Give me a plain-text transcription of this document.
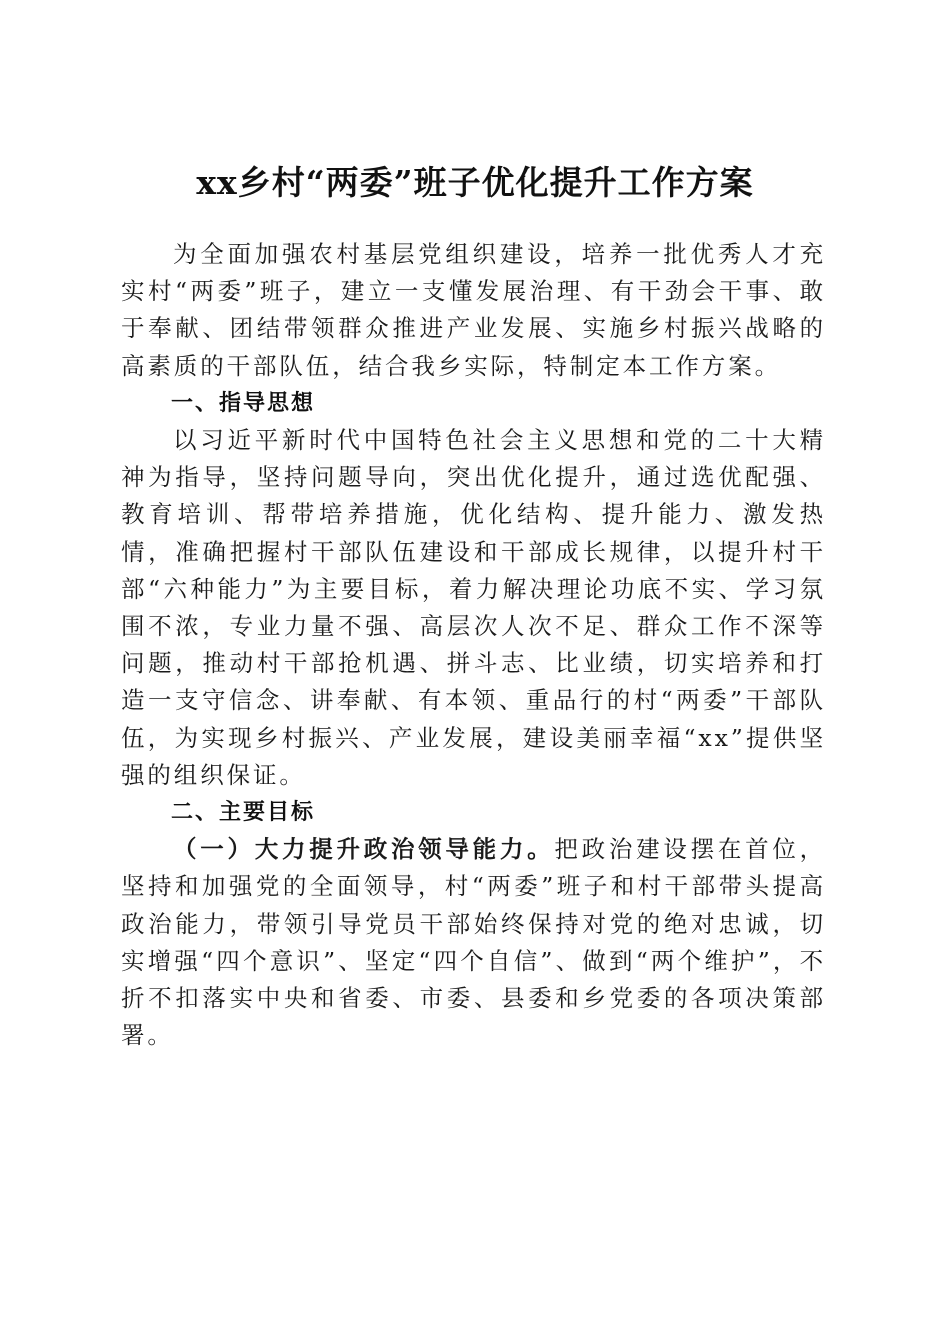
xx乡村“两委”班子优化提升工作方案

为全面加强农村基层党组织建设，培养一批优秀人才充实村“两委”班子，建立一支懂发展治理、有干劲会干事、敢于奉献、团结带领群众推进产业发展、实施乡村振兴战略的高素质的干部队伍，结合我乡实际，特制定本工作方案。

一、指导思想

以习近平新时代中国特色社会主义思想和党的二十大精神为指导，坚持问题导向，突出优化提升，通过选优配强、教育培训、帮带培养措施，优化结构、提升能力、激发热情，准确把握村干部队伍建设和干部成长规律，以提升村干部“六种能力”为主要目标，着力解决理论功底不实、学习氛围不浓，专业力量不强、高层次人次不足、群众工作不深等问题，推动村干部抢机遇、拼斗志、比业绩，切实培养和打造一支守信念、讲奉献、有本领、重品行的村“两委”干部队伍，为实现乡村振兴、产业发展，建设美丽幸福“xx”提供坚强的组织保证。

二、主要目标

（一）大力提升政治领导能力。把政治建设摆在首位，坚持和加强党的全面领导，村“两委”班子和村干部带头提高政治能力，带领引导党员干部始终保持对党的绝对忠诚，切实增强“四个意识”、坚定“四个自信”、做到“两个维护”，不折不扣落实中央和省委、市委、县委和乡党委的各项决策部署。
